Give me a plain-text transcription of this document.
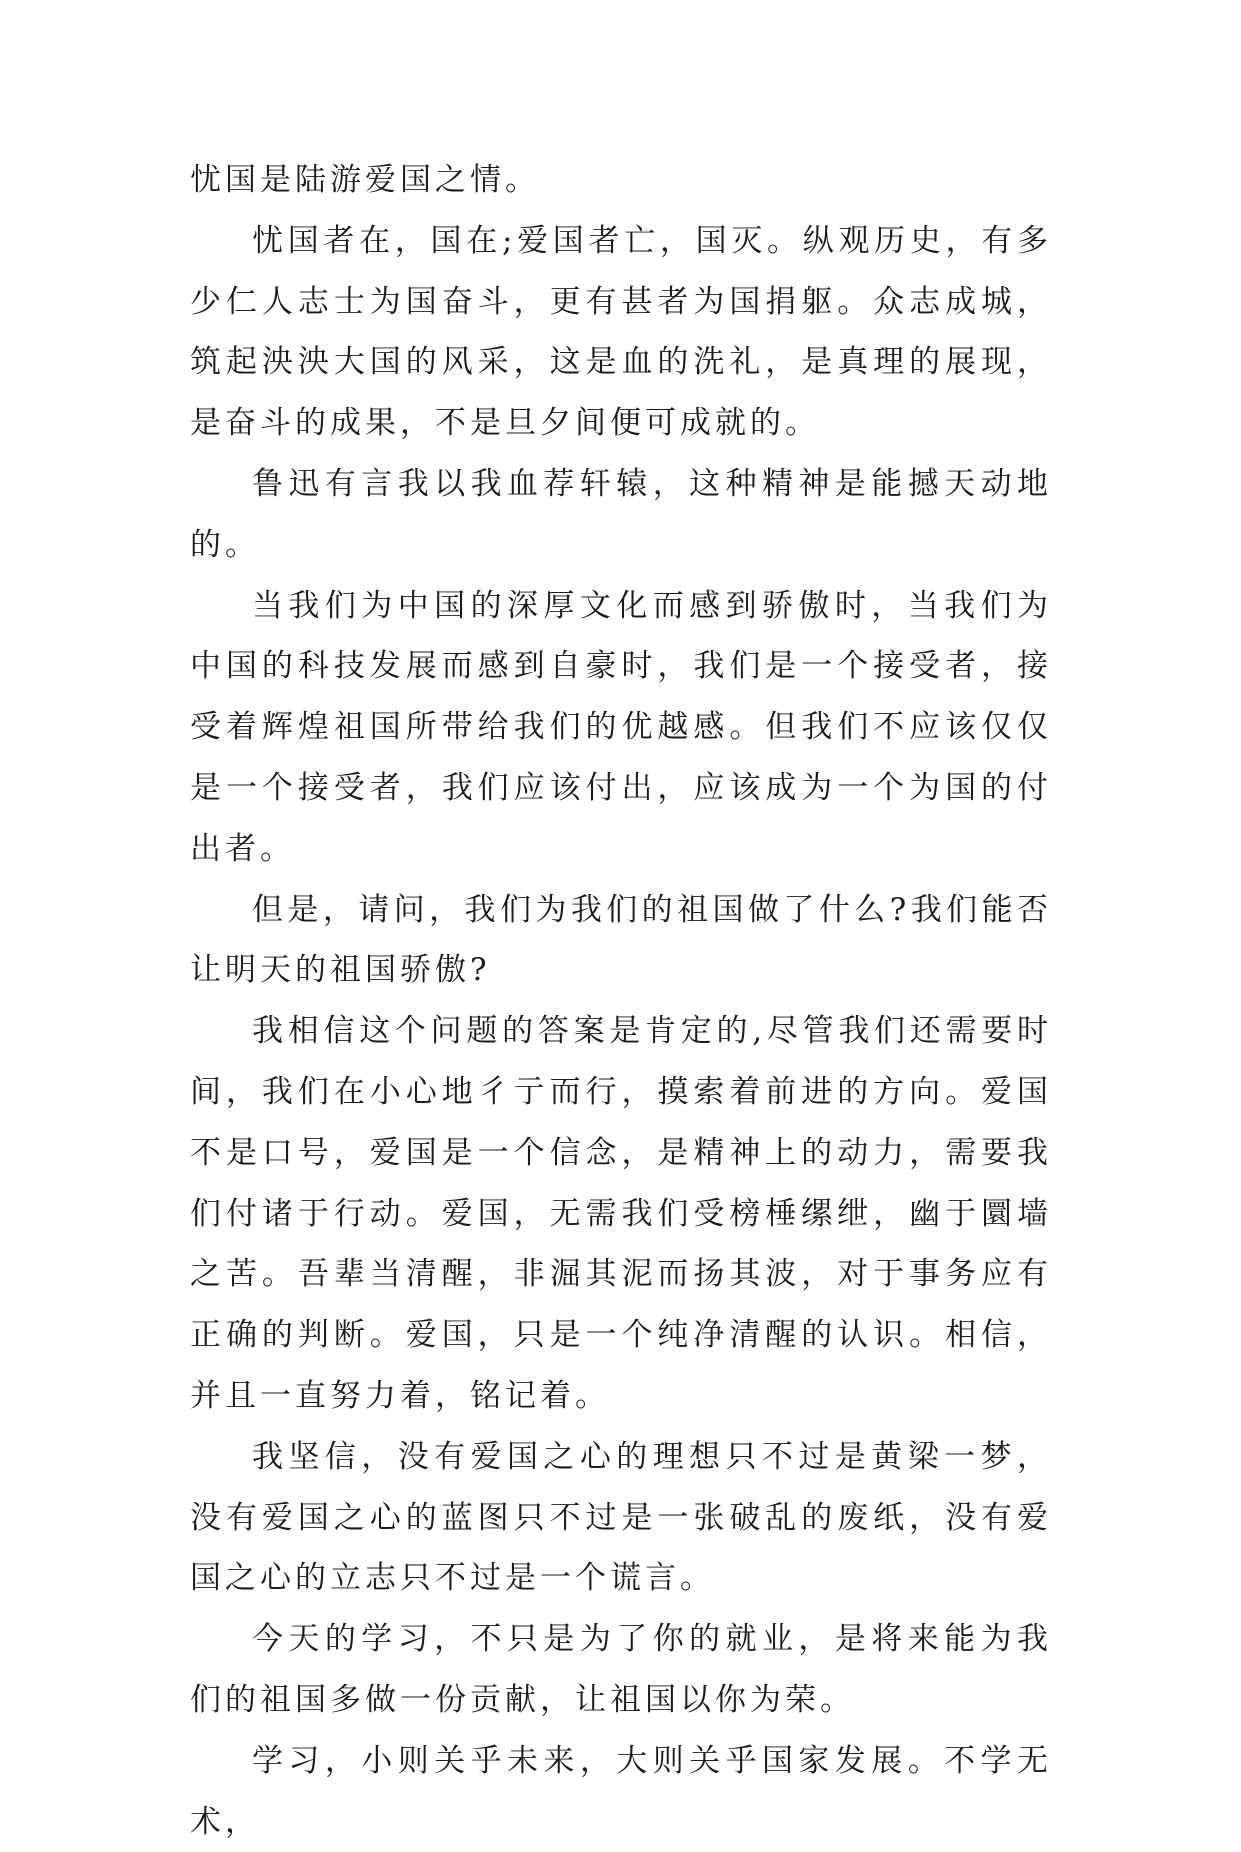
忧国是陆游爱国之情。

忧国者在，国在;爱国者亡，国灭。纵观历史，有多少仁人志士为国奋斗，更有甚者为国捐躯。众志成城，筑起泱泱大国的风采，这是血的洗礼，是真理的展现，是奋斗的成果，不是旦夕间便可成就的。

鲁迅有言我以我血荐轩辕，这种精神是能撼天动地的。

当我们为中国的深厚文化而感到骄傲时，当我们为中国的科技发展而感到自豪时，我们是一个接受者，接受着辉煌祖国所带给我们的优越感。但我们不应该仅仅是一个接受者，我们应该付出，应该成为一个为国的付出者。

但是，请问，我们为我们的祖国做了什么?我们能否让明天的祖国骄傲?

我相信这个问题的答案是肯定的,尽管我们还需要时间，我们在小心地彳亍而行，摸索着前进的方向。爱国不是口号，爱国是一个信念，是精神上的动力，需要我们付诸于行动。爱国，无需我们受榜棰缧绁，幽于圜墙之苦。吾辈当清醒，非淈其泥而扬其波，对于事务应有正确的判断。爱国，只是一个纯净清醒的认识。相信，并且一直努力着，铭记着。

我坚信，没有爱国之心的理想只不过是黄梁一梦，没有爱国之心的蓝图只不过是一张破乱的废纸，没有爱国之心的立志只不过是一个谎言。

今天的学习，不只是为了你的就业，是将来能为我们的祖国多做一份贡献，让祖国以你为荣。

学习，小则关乎未来，大则关乎国家发展。不学无术，
